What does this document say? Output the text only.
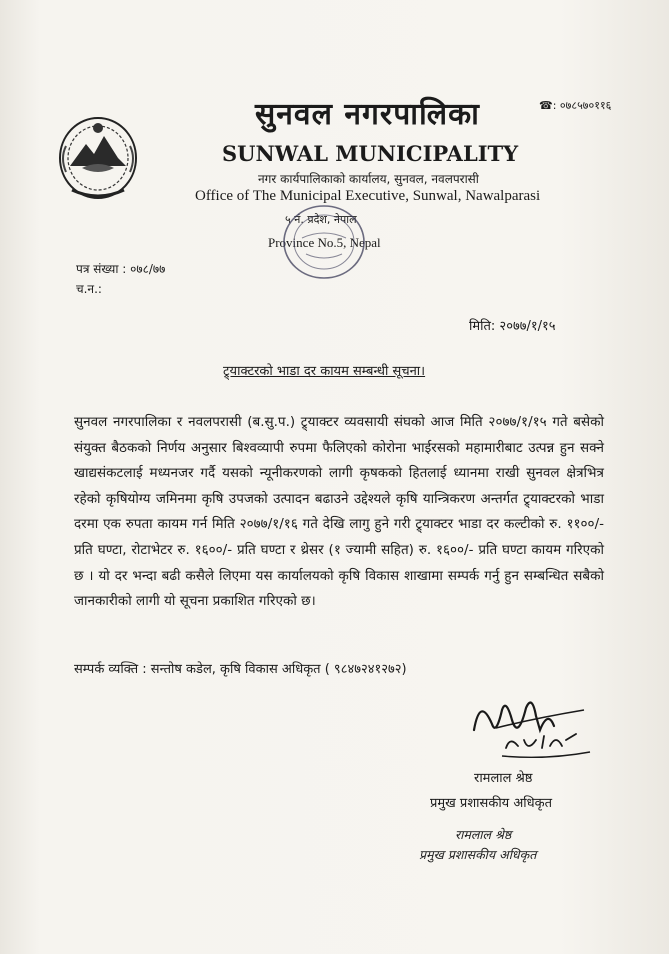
सुनवल नगरपालिका
SUNWAL MUNICIPALITY
नगर कार्यपालिकाको कार्यालय, सुनवल, नवलपरासी
Office of The Municipal Executive, Sunwal, Nawalparasi
५ नं. प्रदेश, नेपाल
Province No.5, Nepal
☎: ०७८५७०११६
पत्र संख्या : ०७८/७७
च.न.:
मिति: २०७७/१/१५
ट्र्याक्टरको भाडा दर कायम सम्बन्धी सूचना।
सुनवल नगरपालिका र नवलपरासी (ब.सु.प.) ट्र्याक्टर व्यवसायी संघको आज मिति २०७७/१/१५ गते बसेको संयुक्त बैठकको निर्णय अनुसार बिश्वव्यापी रुपमा फैलिएको कोरोना भाईरसको महामारीबाट उत्पन्न हुन सक्ने खाद्यसंकटलाई मध्यनजर गर्दै यसको न्यूनीकरणको लागी कृषकको हितलाई ध्यानमा राखी सुनवल क्षेत्रभित्र रहेको कृषियोग्य जमिनमा कृषि उपजको उत्पादन बढाउने उद्देश्यले कृषि यान्त्रिकरण अन्तर्गत ट्र्याक्टरको भाडा दरमा एक रुपता कायम गर्न मिति २०७७/१/१६ गते देखि लागु हुने गरी ट्र्याक्टर भाडा दर कल्टीको रु. ११००/- प्रति घण्टा, रोटाभेटर रु. १६००/- प्रति घण्टा र थ्रेसर (१ ज्यामी सहित) रु. १६००/- प्रति घण्टा कायम गरिएको छ । यो दर भन्दा बढी कसैले लिएमा यस कार्यालयको कृषि विकास शाखामा सम्पर्क गर्नु हुन सम्बन्धित सबैको जानकारीको लागी यो सूचना प्रकाशित गरिएको छ।
सम्पर्क व्यक्ति : सन्तोष कडेल, कृषि विकास अधिकृत ( ९८४७२४१२७२)
रामलाल श्रेष्ठ
प्रमुख प्रशासकीय अधिकृत
रामलाल श्रेष्ठ
प्रमुख प्रशासकीय अधिकृत
